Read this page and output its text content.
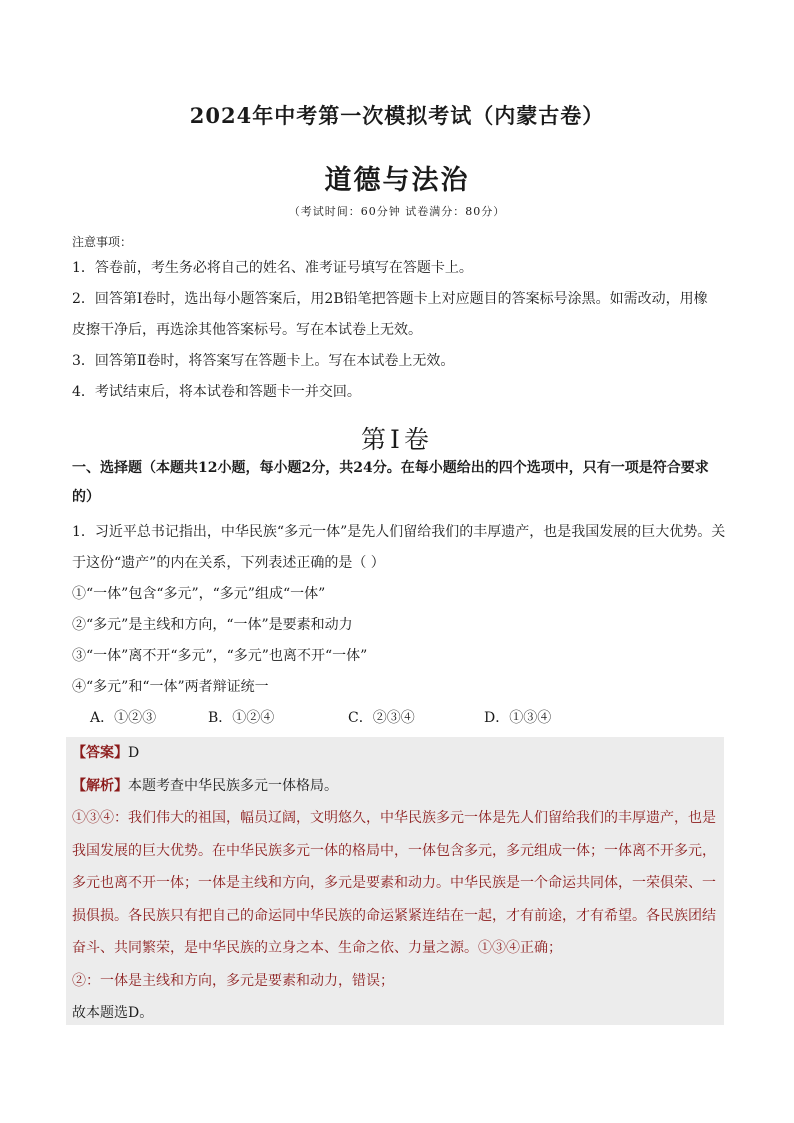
2024年中考第一次模拟考试（内蒙古卷）
道德与法治
（考试时间：60分钟 试卷满分：80分）
注意事项：
1．答卷前，考生务必将自己的姓名、准考证号填写在答题卡上。
2．回答第Ⅰ卷时，选出每小题答案后，用2B铅笔把答题卡上对应题目的答案标号涂黑。如需改动，用橡
皮擦干净后，再选涂其他答案标号。写在本试卷上无效。
3．回答第Ⅱ卷时，将答案写在答题卡上。写在本试卷上无效。
4．考试结束后，将本试卷和答题卡一并交回。
第Ⅰ卷
一、选择题（本题共12小题，每小题2分，共24分。在每小题给出的四个选项中，只有一项是符合要求
的）
1．习近平总书记指出，中华民族“多元一体”是先人们留给我们的丰厚遗产，也是我国发展的巨大优势。关
于这份“遗产”的内在关系，下列表述正确的是（ ）
①“一体”包含“多元”，“多元”组成“一体”
②“多元”是主线和方向，“一体”是要素和动力
③“一体”离不开“多元”，“多元”也离不开“一体”
④“多元”和“一体”两者辩证统一
A．①②③	B．①②④	C．②③④	D．①③④
【答案】D
【解析】本题考查中华民族多元一体格局。
①③④：我们伟大的祖国，幅员辽阔，文明悠久，中华民族多元一体是先人们留给我们的丰厚遗产，也是
我国发展的巨大优势。在中华民族多元一体的格局中，一体包含多元，多元组成一体；一体离不开多元，
多元也离不开一体；一体是主线和方向，多元是要素和动力。中华民族是一个命运共同体，一荣俱荣、一
损俱损。各民族只有把自己的命运同中华民族的命运紧紧连结在一起，才有前途，才有希望。各民族团结
奋斗、共同繁荣，是中华民族的立身之本、生命之依、力量之源。①③④正确；
②：一体是主线和方向，多元是要素和动力，错误；
故本题选D。
